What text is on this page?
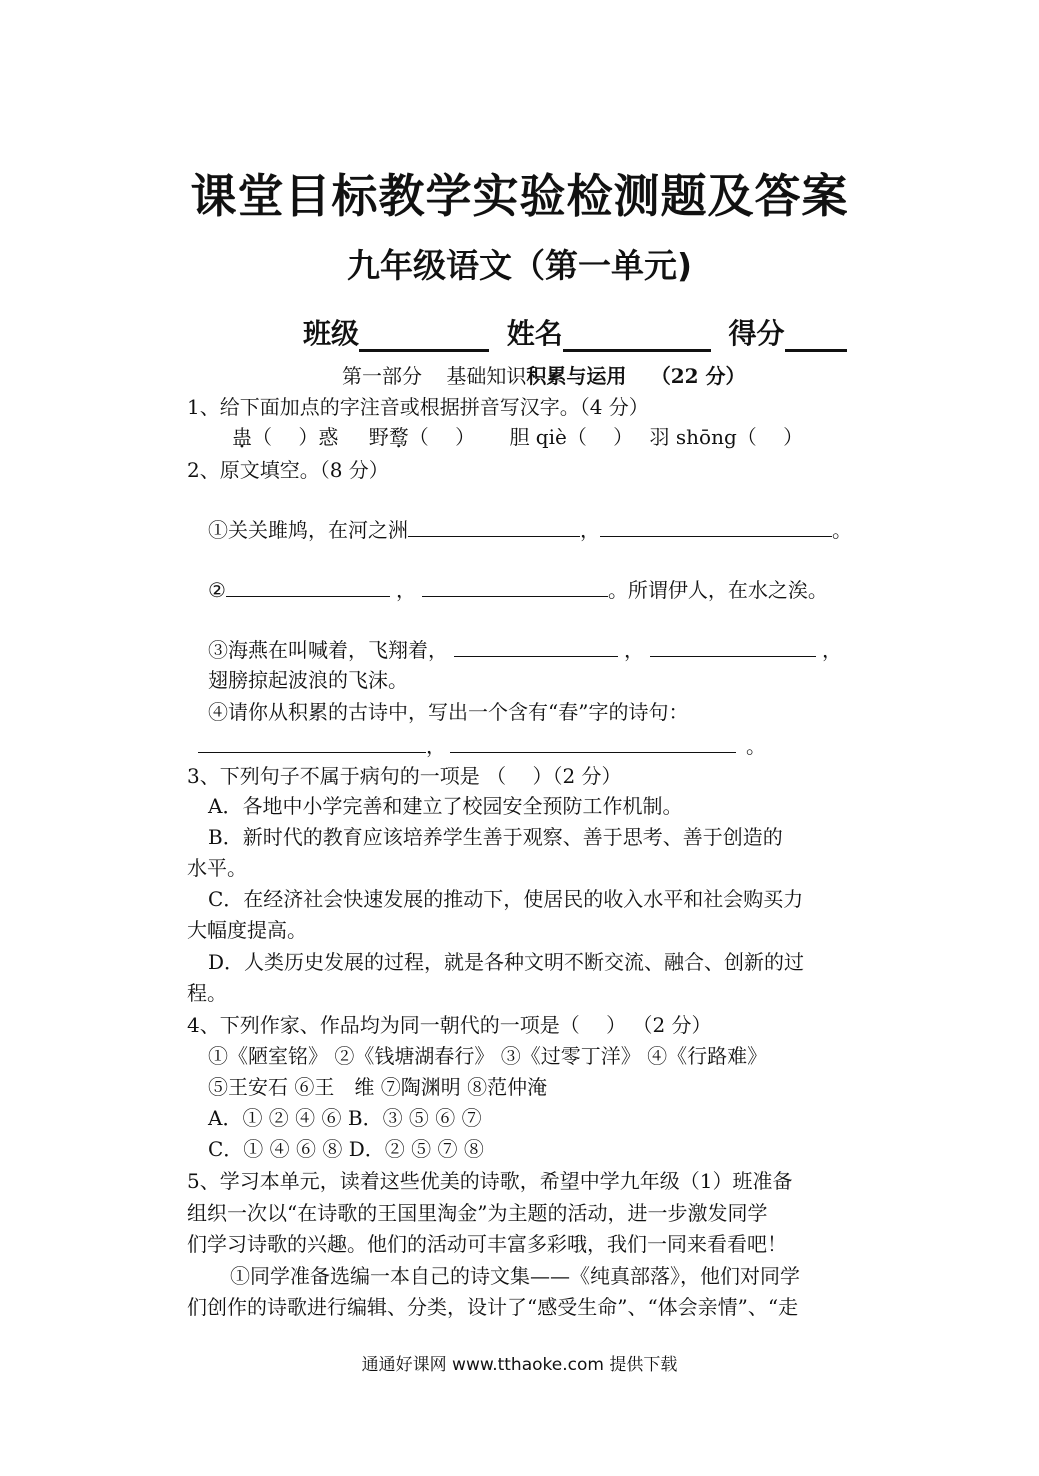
课堂目标教学实验检测题及答案
九年级语文（第一单元)
班级	姓名	得分
第一部分 基础知识积累与运用 （22 分）
1、给下面加点的字注音或根据拼音写汉字。（4 分）
蛊（　 ）惑 野鹜（　 ） 胆 qiè（　 ） 羽 shōng（　 ）
2、原文填空。（8 分）
①关关雎鸠，在河之洲	，	。
②	，	。所谓伊人，在水之涘。
③海燕在叫喊着，飞翔着，	，	，
翅膀掠起波浪的飞沫。
④请你从积累的古诗中，写出一个含有“春”字的诗句：
，	。
3、下列句子不属于病句的一项是 （　 ）（2 分）
A．各地中小学完善和建立了校园安全预防工作机制。
B．新时代的教育应该培养学生善于观察、善于思考、善于创造的
水平。
C．在经济社会快速发展的推动下，使居民的收入水平和社会购买力
大幅度提高。
D．人类历史发展的过程，就是各种文明不断交流、融合、创新的过
程。
4、下列作家、作品均为同一朝代的一项是（　 ） （2 分）
①《陋室铭》 ②《钱塘湖春行》 ③《过零丁洋》 ④《行路难》
⑤王安石 ⑥王　维 ⑦陶渊明 ⑧范仲淹
A．① ② ④ ⑥ B．③ ⑤ ⑥ ⑦
C．① ④ ⑥ ⑧ D．② ⑤ ⑦ ⑧
5、学习本单元，读着这些优美的诗歌，希望中学九年级（1）班准备
组织一次以“在诗歌的王国里淘金”为主题的活动，进一步激发同学
们学习诗歌的兴趣。他们的活动可丰富多彩哦，我们一同来看看吧！
①同学准备选编一本自己的诗文集——《纯真部落》，他们对同学
们创作的诗歌进行编辑、分类，设计了“感受生命”、“体会亲情”、“走
通通好课网 www.tthaoke.com 提供下载
